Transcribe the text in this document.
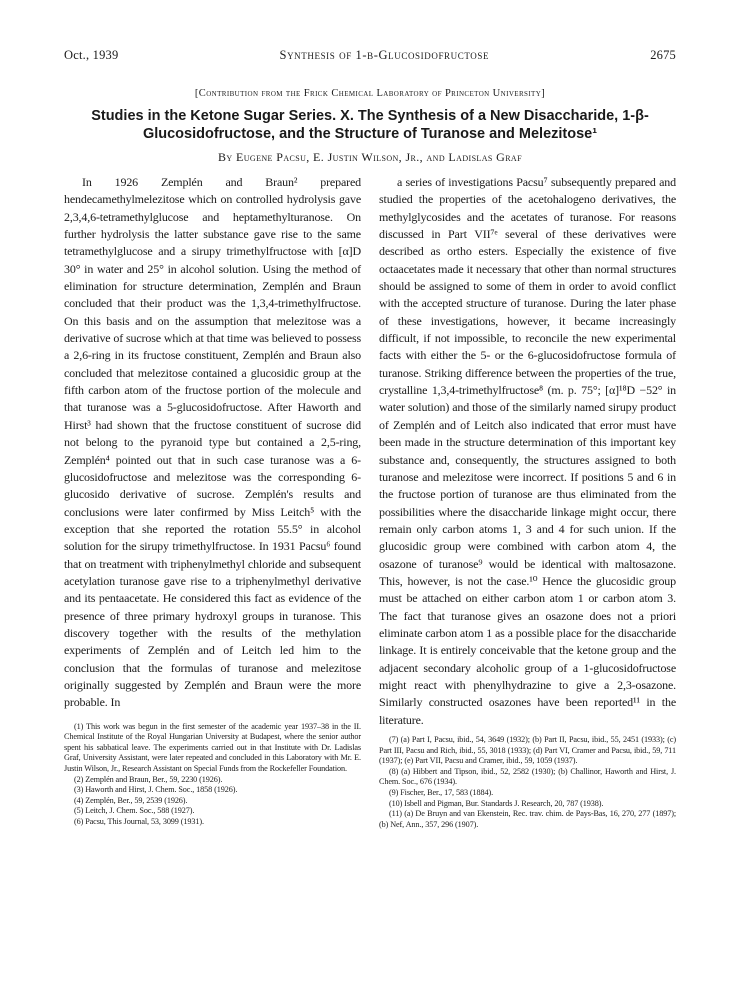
Oct., 1939	Synthesis of 1-β-Glucosidofructose	2675
[Contribution from the Frick Chemical Laboratory of Princeton University]
Studies in the Ketone Sugar Series. X. The Synthesis of a New Disaccharide, 1-β-Glucosidofructose, and the Structure of Turanose and Melezitose¹
By Eugene Pacsu, E. Justin Wilson, Jr., and Ladislas Graf

In 1926 Zemplén and Braun² prepared hendecamethylmelezitose which on controlled hydrolysis gave 2,3,4,6-tetramethylglucose and heptamethylturanose. On further hydrolysis the latter substance gave rise to the same tetramethylglucose and a sirupy trimethylfructose with [α]D 30° in water and 25° in alcohol solution. Using the method of elimination for structure determination, Zemplén and Braun concluded that their product was the 1,3,4-trimethylfructose. On this basis and on the assumption that melezitose was a derivative of sucrose which at that time was believed to possess a 2,6-ring in its fructose constituent, Zemplén and Braun also concluded that melezitose contained a glucosidic group at the fifth carbon atom of the fructose portion of the molecule and that turanose was a 5-glucosidofructose. After Haworth and Hirst³ had shown that the fructose constituent of sucrose did not belong to the pyranoid type but contained a 2,5-ring, Zemplén⁴ pointed out that in such case turanose was a 6-glucosidofructose and melezitose was the corresponding 6-glucosido derivative of sucrose. Zemplén's results and conclusions were later confirmed by Miss Leitch⁵ with the exception that she reported the rotation 55.5° in alcohol solution for the sirupy trimethylfructose. In 1931 Pacsu⁶ found that on treatment with triphenylmethyl chloride and subsequent acetylation turanose gave rise to a triphenylmethyl derivative and its pentaacetate. He considered this fact as evidence of the presence of three primary hydroxyl groups in turanose. This discovery together with the results of the methylation experiments of Zemplén and of Leitch led him to the conclusion that the formulas of turanose and melezitose originally suggested by Zemplén and Braun were the more probable. In

(1) This work was begun in the first semester of the academic year 1937–38 in the II. Chemical Institute of the Royal Hungarian University at Budapest, where the senior author spent his sabbatical leave. The experiments carried out in that Institute with Dr. Ladislas Graf, University Assistant, were later repeated and concluded in this Laboratory with Mr. E. Justin Wilson, Jr., Research Assistant on Special Funds from the Rockefeller Foundation.

(2) Zemplén and Braun, Ber., 59, 2230 (1926).

(3) Haworth and Hirst, J. Chem. Soc., 1858 (1926).

(4) Zemplén, Ber., 59, 2539 (1926).

(5) Leitch, J. Chem. Soc., 588 (1927).

(6) Pacsu, This Journal, 53, 3099 (1931).

a series of investigations Pacsu⁷ subsequently prepared and studied the properties of the acetohalogeno derivatives, the methylglycosides and the acetates of turanose. For reasons discussed in Part VII⁷ᵉ several of these derivatives were described as ortho esters. Especially the existence of five octaacetates made it necessary that other than normal structures should be assigned to some of them in order to avoid conflict with the accepted structure of turanose. During the later phase of these investigations, however, it became increasingly difficult, if not impossible, to reconcile the new experimental facts with either the 5- or the 6-glucosidofructose formula of turanose. Striking difference between the properties of the true, crystalline 1,3,4-trimethylfructose⁸ (m. p. 75°; [α]¹⁸D −52° in water solution) and those of the similarly named sirupy product of Zemplén and of Leitch also indicated that error must have been made in the structure determination of this important key substance and, consequently, the structures assigned to both turanose and melezitose were incorrect. If positions 5 and 6 in the fructose portion of turanose are thus eliminated from the possibilities where the disaccharide linkage might occur, there remain only carbon atoms 1, 3 and 4 for such union. If the glucosidic group were combined with carbon atom 4, the osazone of turanose⁹ would be identical with maltosazone. This, however, is not the case.¹⁰ Hence the glucosidic group must be attached on either carbon atom 1 or carbon atom 3. The fact that turanose gives an osazone does not a priori eliminate carbon atom 1 as a possible place for the disaccharide linkage. It is entirely conceivable that the ketone group and the adjacent secondary alcoholic group of a 1-glucosidofructose might react with phenylhydrazine to give a 2,3-osazone. Similarly constructed osazones have been reported¹¹ in the literature.

(7) (a) Part I, Pacsu, ibid., 54, 3649 (1932); (b) Part II, Pacsu, ibid., 55, 2451 (1933); (c) Part III, Pacsu and Rich, ibid., 55, 3018 (1933); (d) Part VI, Cramer and Pacsu, ibid., 59, 711 (1937); (e) Part VII, Pacsu and Cramer, ibid., 59, 1059 (1937).

(8) (a) Hibbert and Tipson, ibid., 52, 2582 (1930); (b) Challinor, Haworth and Hirst, J. Chem. Soc., 676 (1934).

(9) Fischer, Ber., 17, 583 (1884).

(10) Isbell and Pigman, Bur. Standards J. Research, 20, 787 (1938).

(11) (a) De Bruyn and van Ekenstein, Rec. trav. chim. de Pays-Bas, 16, 270, 277 (1897); (b) Nef, Ann., 357, 296 (1907).
